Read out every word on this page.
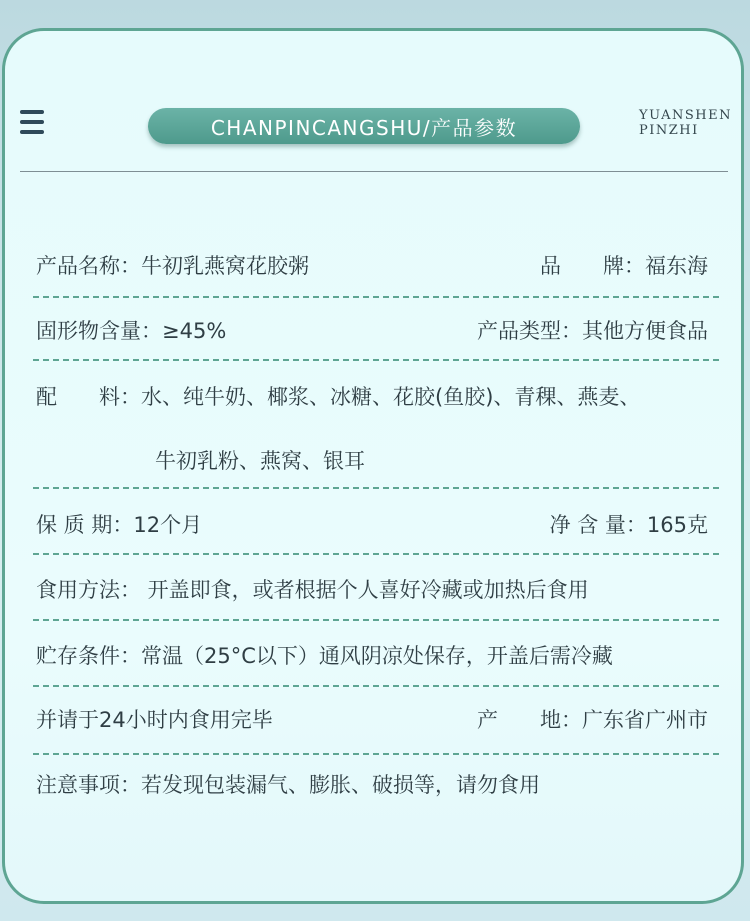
CHANPINCANGSHU/产品参数	YUANSHEN
PINZHI
产品名称：牛初乳燕窝花胶粥	品　　牌：福东海
固形物含量：≥45%	产品类型：其他方便食品
配　　料：水、纯牛奶、椰浆、冰糖、花胶(鱼胶)、青稞、燕麦、
牛初乳粉、燕窝、银耳
保 质 期：12个月	净 含 量：165克
食用方法： 开盖即食，或者根据个人喜好冷藏或加热后食用
贮存条件：常温（25°C以下）通风阴凉处保存，开盖后需冷藏
并请于24小时内食用完毕	产　　地：广东省广州市
注意事项：若发现包装漏气、膨胀、破损等，请勿食用
